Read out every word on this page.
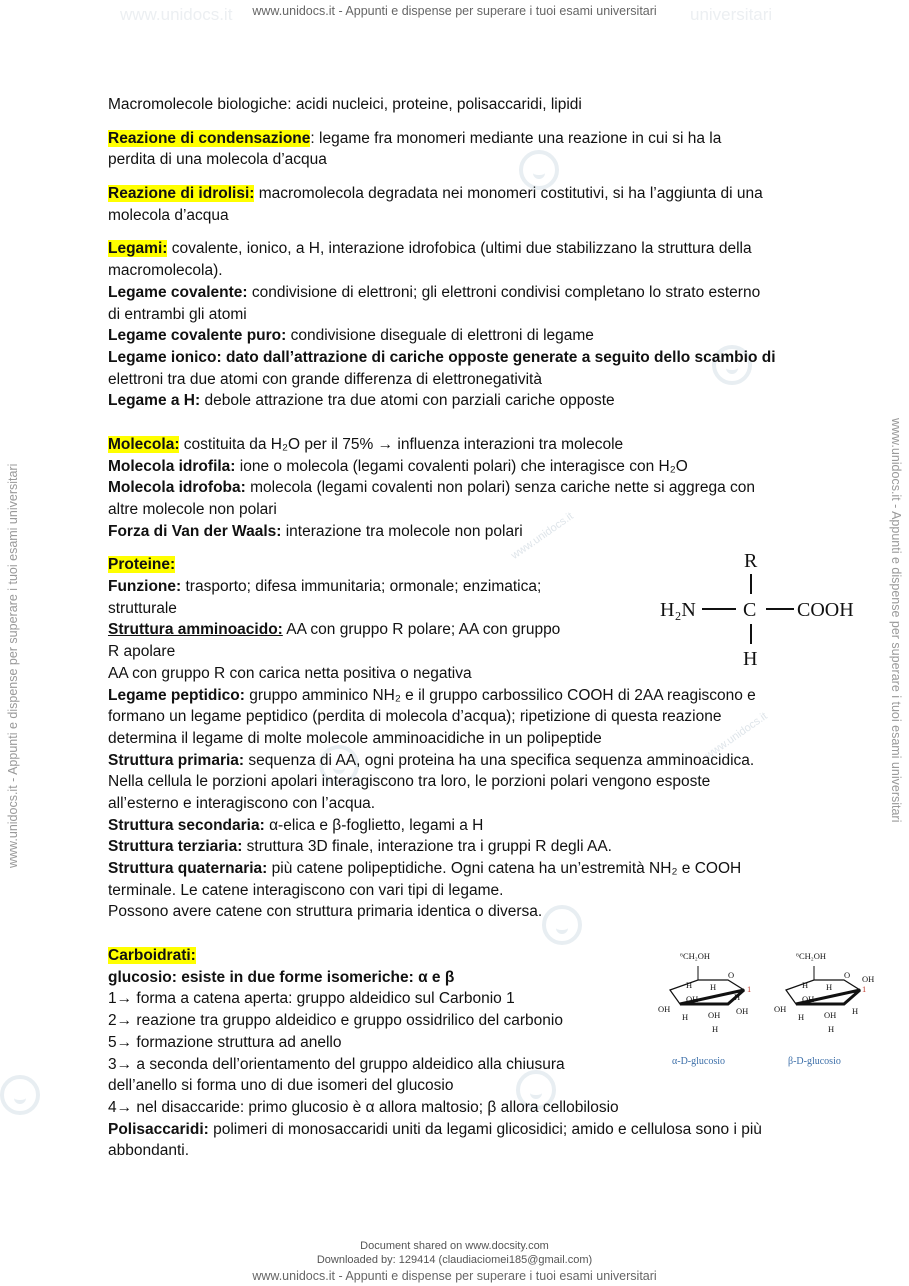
www.unidocs.it	universitari
www.unidocs.it - Appunti e dispense per superare i tuoi esami universitari
www.unidocs.it - Appunti e dispense per superare i tuoi esami universitari	www.unidocs.it - Appunti e dispense per superare i tuoi esami universitari
www.unidocs.it
www.unidocs.it
Macromolecole biologiche: acidi nucleici, proteine, polisaccaridi, lipidi
Reazione di condensazione: legame fra monomeri mediante una reazione in cui si ha la
perdita di una molecola d’acqua
Reazione di idrolisi: macromolecola degradata nei monomeri costitutivi, si ha l’aggiunta di una
molecola d’acqua
Legami: covalente, ionico, a H, interazione idrofobica (ultimi due stabilizzano la struttura della
macromolecola).
Legame covalente: condivisione di elettroni; gli elettroni condivisi completano lo strato esterno
di entrambi gli atomi
Legame covalente puro: condivisione diseguale di elettroni di legame
Legame ionico: dato dall’attrazione di cariche opposte generate a seguito dello scambio di
elettroni tra due atomi con grande differenza di elettronegatività
Legame a H: debole attrazione tra due atomi con parziali cariche opposte
Molecola: costituita da H₂O per il 75% → influenza interazioni tra molecole
Molecola idrofila: ione o molecola (legami covalenti polari) che interagisce con H₂O
Molecola idrofoba: molecola (legami covalenti non polari) senza cariche nette si aggrega con
altre molecole non polari
Forza di Van der Waals: interazione tra molecole non polari
Proteine:
Funzione: trasporto; difesa immunitaria; ormonale; enzimatica;
strutturale
Struttura amminoacido: AA con gruppo R polare; AA con gruppo
R apolare
AA con gruppo R con carica netta positiva o negativa
Legame peptidico: gruppo amminico NH₂ e il gruppo carbossilico COOH di 2AA reagiscono e
formano un legame peptidico (perdita di molecola d’acqua); ripetizione di questa reazione
determina il legame di molte molecole amminoacidiche in un polipeptide
Struttura primaria: sequenza di AA, ogni proteina ha una specifica sequenza amminoacidica.
Nella cellula le porzioni apolari interagiscono tra loro, le porzioni polari vengono esposte
all’esterno e interagiscono con l’acqua.
Struttura secondaria: α-elica e β-foglietto, legami a H
Struttura terziaria: struttura 3D finale, interazione tra i gruppi R degli AA.
Struttura quaternaria: più catene polipeptidiche. Ogni catena ha un’estremità NH₂ e COOH
terminale. Le catene interagiscono con vari tipi di legame.
Possono avere catene con struttura primaria identica o diversa.
Carboidrati:
glucosio: esiste in due forme isomeriche: α e β
1→ forma a catena aperta: gruppo aldeidico sul Carbonio 1
2→ reazione tra gruppo aldeidico e gruppo ossidrilico del carbonio
5→ formazione struttura ad anello
3→ a seconda dell’orientamento del gruppo aldeidico alla chiusura
dell’anello si forma uno di due isomeri del glucosio
4→ nel disaccaride: primo glucosio è α allora maltosio; β allora cellobilosio
Polisaccaridi: polimeri di monosaccaridi uniti da legami glicosidici; amido e cellulosa sono i più
abbondanti.
R
H₂N C COOH
H
⁶CH₂OH
O
H
H
H
1
OH
OH
OH
H OH
H
α-D-glucosio
⁶CH₂OH
O
H
H
OH
1
OH
OH
H
H OH
H
β-D-glucosio
Document shared on www.docsity.com
Downloaded by: 129414 (claudiaciomei185@gmail.com)
www.unidocs.it - Appunti e dispense per superare i tuoi esami universitari
